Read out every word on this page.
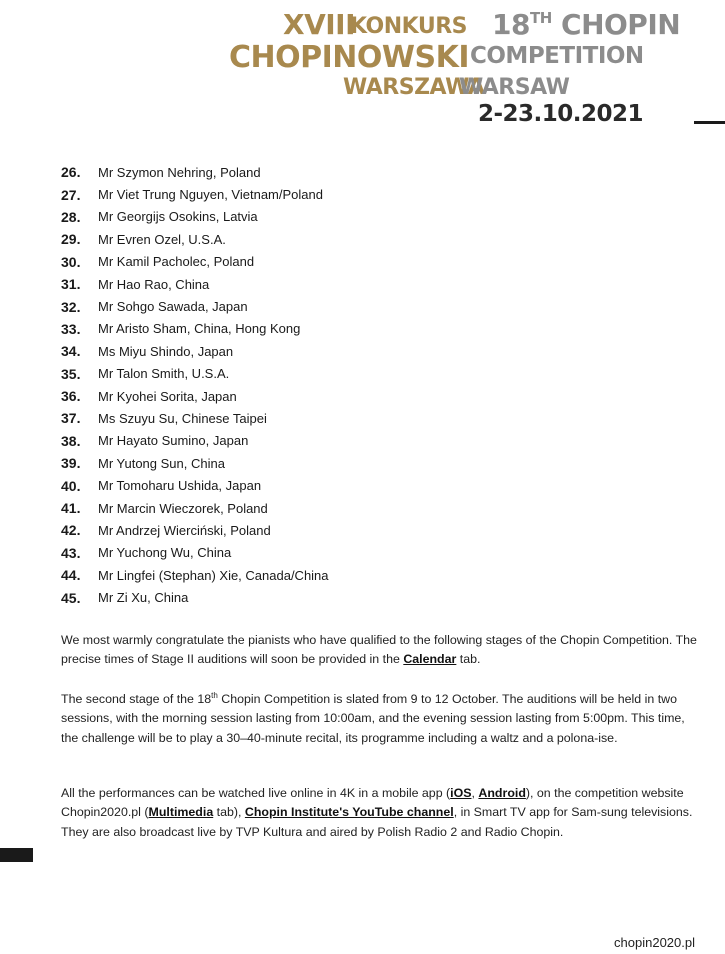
XVIII
KONKURS 18TH CHOPIN
CHOPINOWSKI COMPETITION
WARSZAWA
WARSAW
2-23.10.2021
26.	Mr Szymon Nehring, Poland
27.	Mr Viet Trung Nguyen, Vietnam/Poland
28.	Mr Georgijs Osokins, Latvia
29.	Mr Evren Ozel, U.S.A.
30.	Mr Kamil Pacholec, Poland
31.	Mr Hao Rao, China
32.	Mr Sohgo Sawada, Japan
33.	Mr Aristo Sham, China, Hong Kong
34.	Ms Miyu Shindo, Japan
35.	Mr Talon Smith, U.S.A.
36.	Mr Kyohei Sorita, Japan
37.	Ms Szuyu Su, Chinese Taipei
38.	Mr Hayato Sumino, Japan
39.	Mr Yutong Sun, China
40.	Mr Tomoharu Ushida, Japan
41.	Mr Marcin Wieczorek, Poland
42.	Mr Andrzej Wierciński, Poland
43.	Mr Yuchong Wu, China
44.	Mr Lingfei (Stephan) Xie, Canada/China
45.	Mr Zi Xu, China

We most warmly congratulate the pianists who have qualified to the following stages of the Chopin Competition. The precise times of Stage II auditions will soon be provided in the Calendar tab.

The second stage of the 18th Chopin Competition is slated from 9 to 12 October. The auditions will be held in two sessions, with the morning session lasting from 10:00am, and the evening session lasting from 5:00pm. This time, the challenge will be to play a 30–40-minute recital, its programme including a waltz and a polona-ise.

All the performances can be watched live online in 4K in a mobile app (iOS, Android), on the competition website Chopin2020.pl (Multimedia tab), Chopin Institute's YouTube channel, in Smart TV app for Sam-sung televisions. They are also broadcast live by TVP Kultura and aired by Polish Radio 2 and Radio Chopin.

chopin2020.pl
